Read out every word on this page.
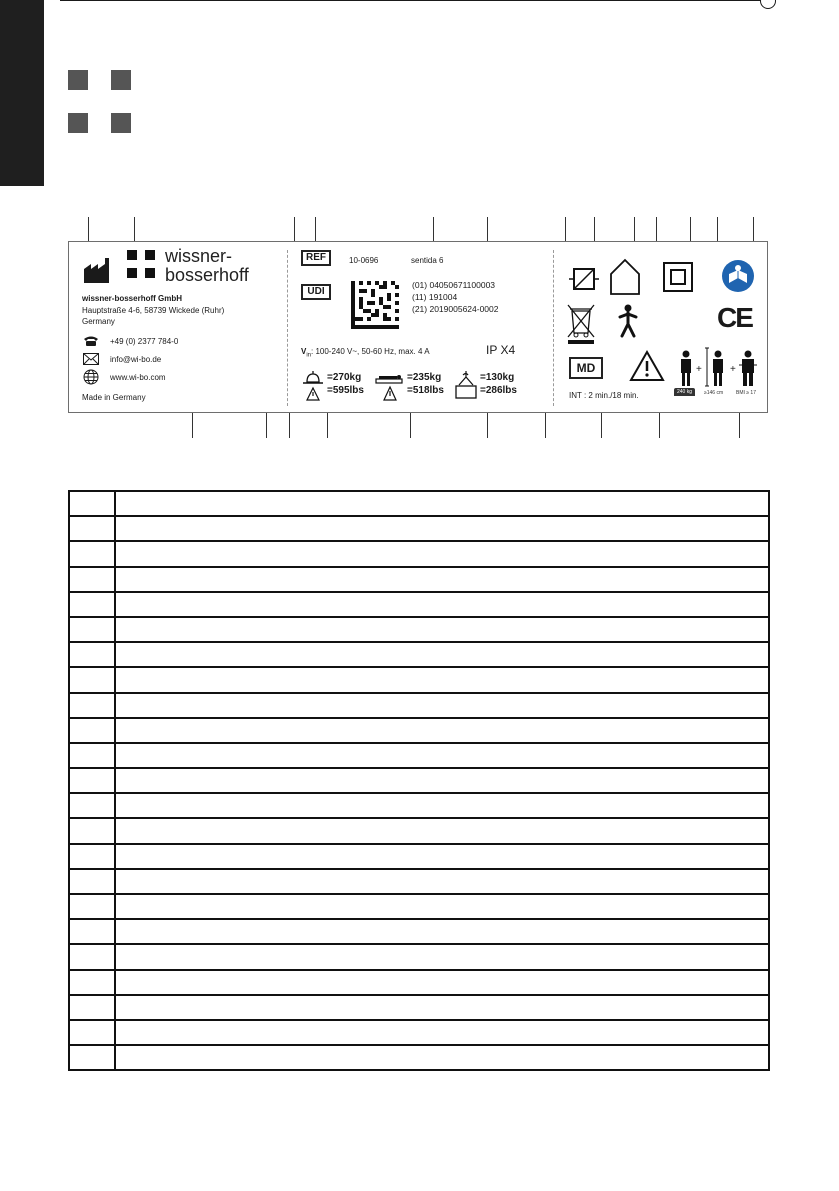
wissner-
bosserhoff
wissner-bosserhoff GmbH
Hauptstraße 4-6, 58739 Wickede (Ruhr)
Germany
+49 (0) 2377 784-0
info@wi-bo.de
www.wi-bo.com
Made in Germany
REF	10-0696	sentida 6
UDI
(01) 04050671100003
(11) 191004
(21) 2019005624-0002
$V_{in}$: 100-240 V~, 50-60 Hz, max. 4 A	IP X4
=270kg
=595lbs
=235kg
=518lbs
=130kg
=286lbs
CE
MD
INT : 2 min./18 min.
+	+
240 kg	≥146 cm	BMI ≥ 17
